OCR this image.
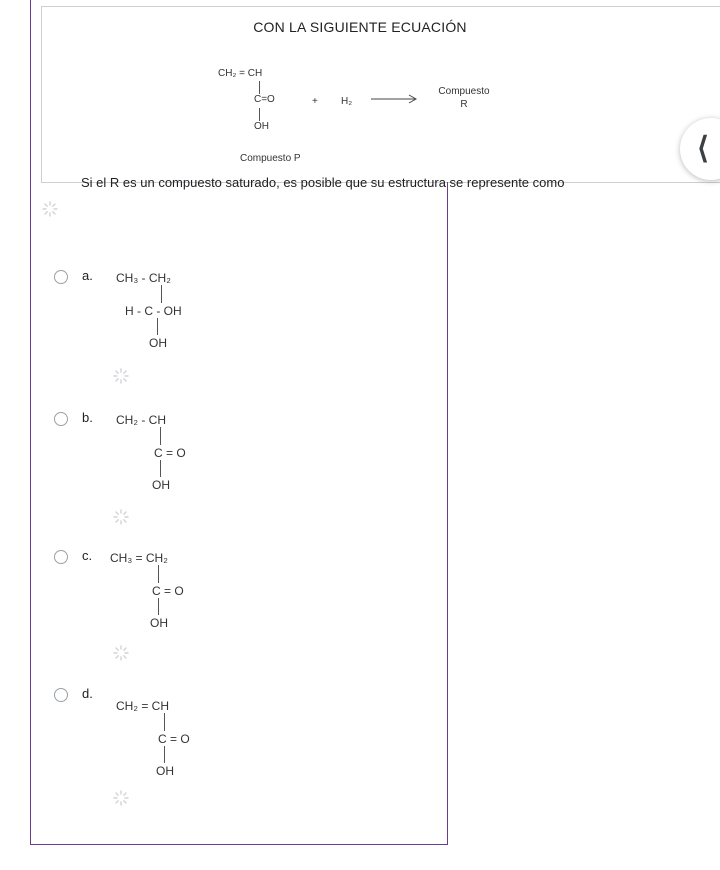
CON LA SIGUIENTE ECUACIÓN
CH₂ = CH
C=O
OH
+ H₂
Compuesto
R
Compuesto P
Si el R es un compuesto saturado, es posible que su estructura se represente como
a. CH₃ - CH₂
H - C - OH
OH
b. CH₂ - CH
C = O
OH
c. CH₃ = CH₂
C = O
OH
d.
CH₂ = CH
C = O
OH
⟨
